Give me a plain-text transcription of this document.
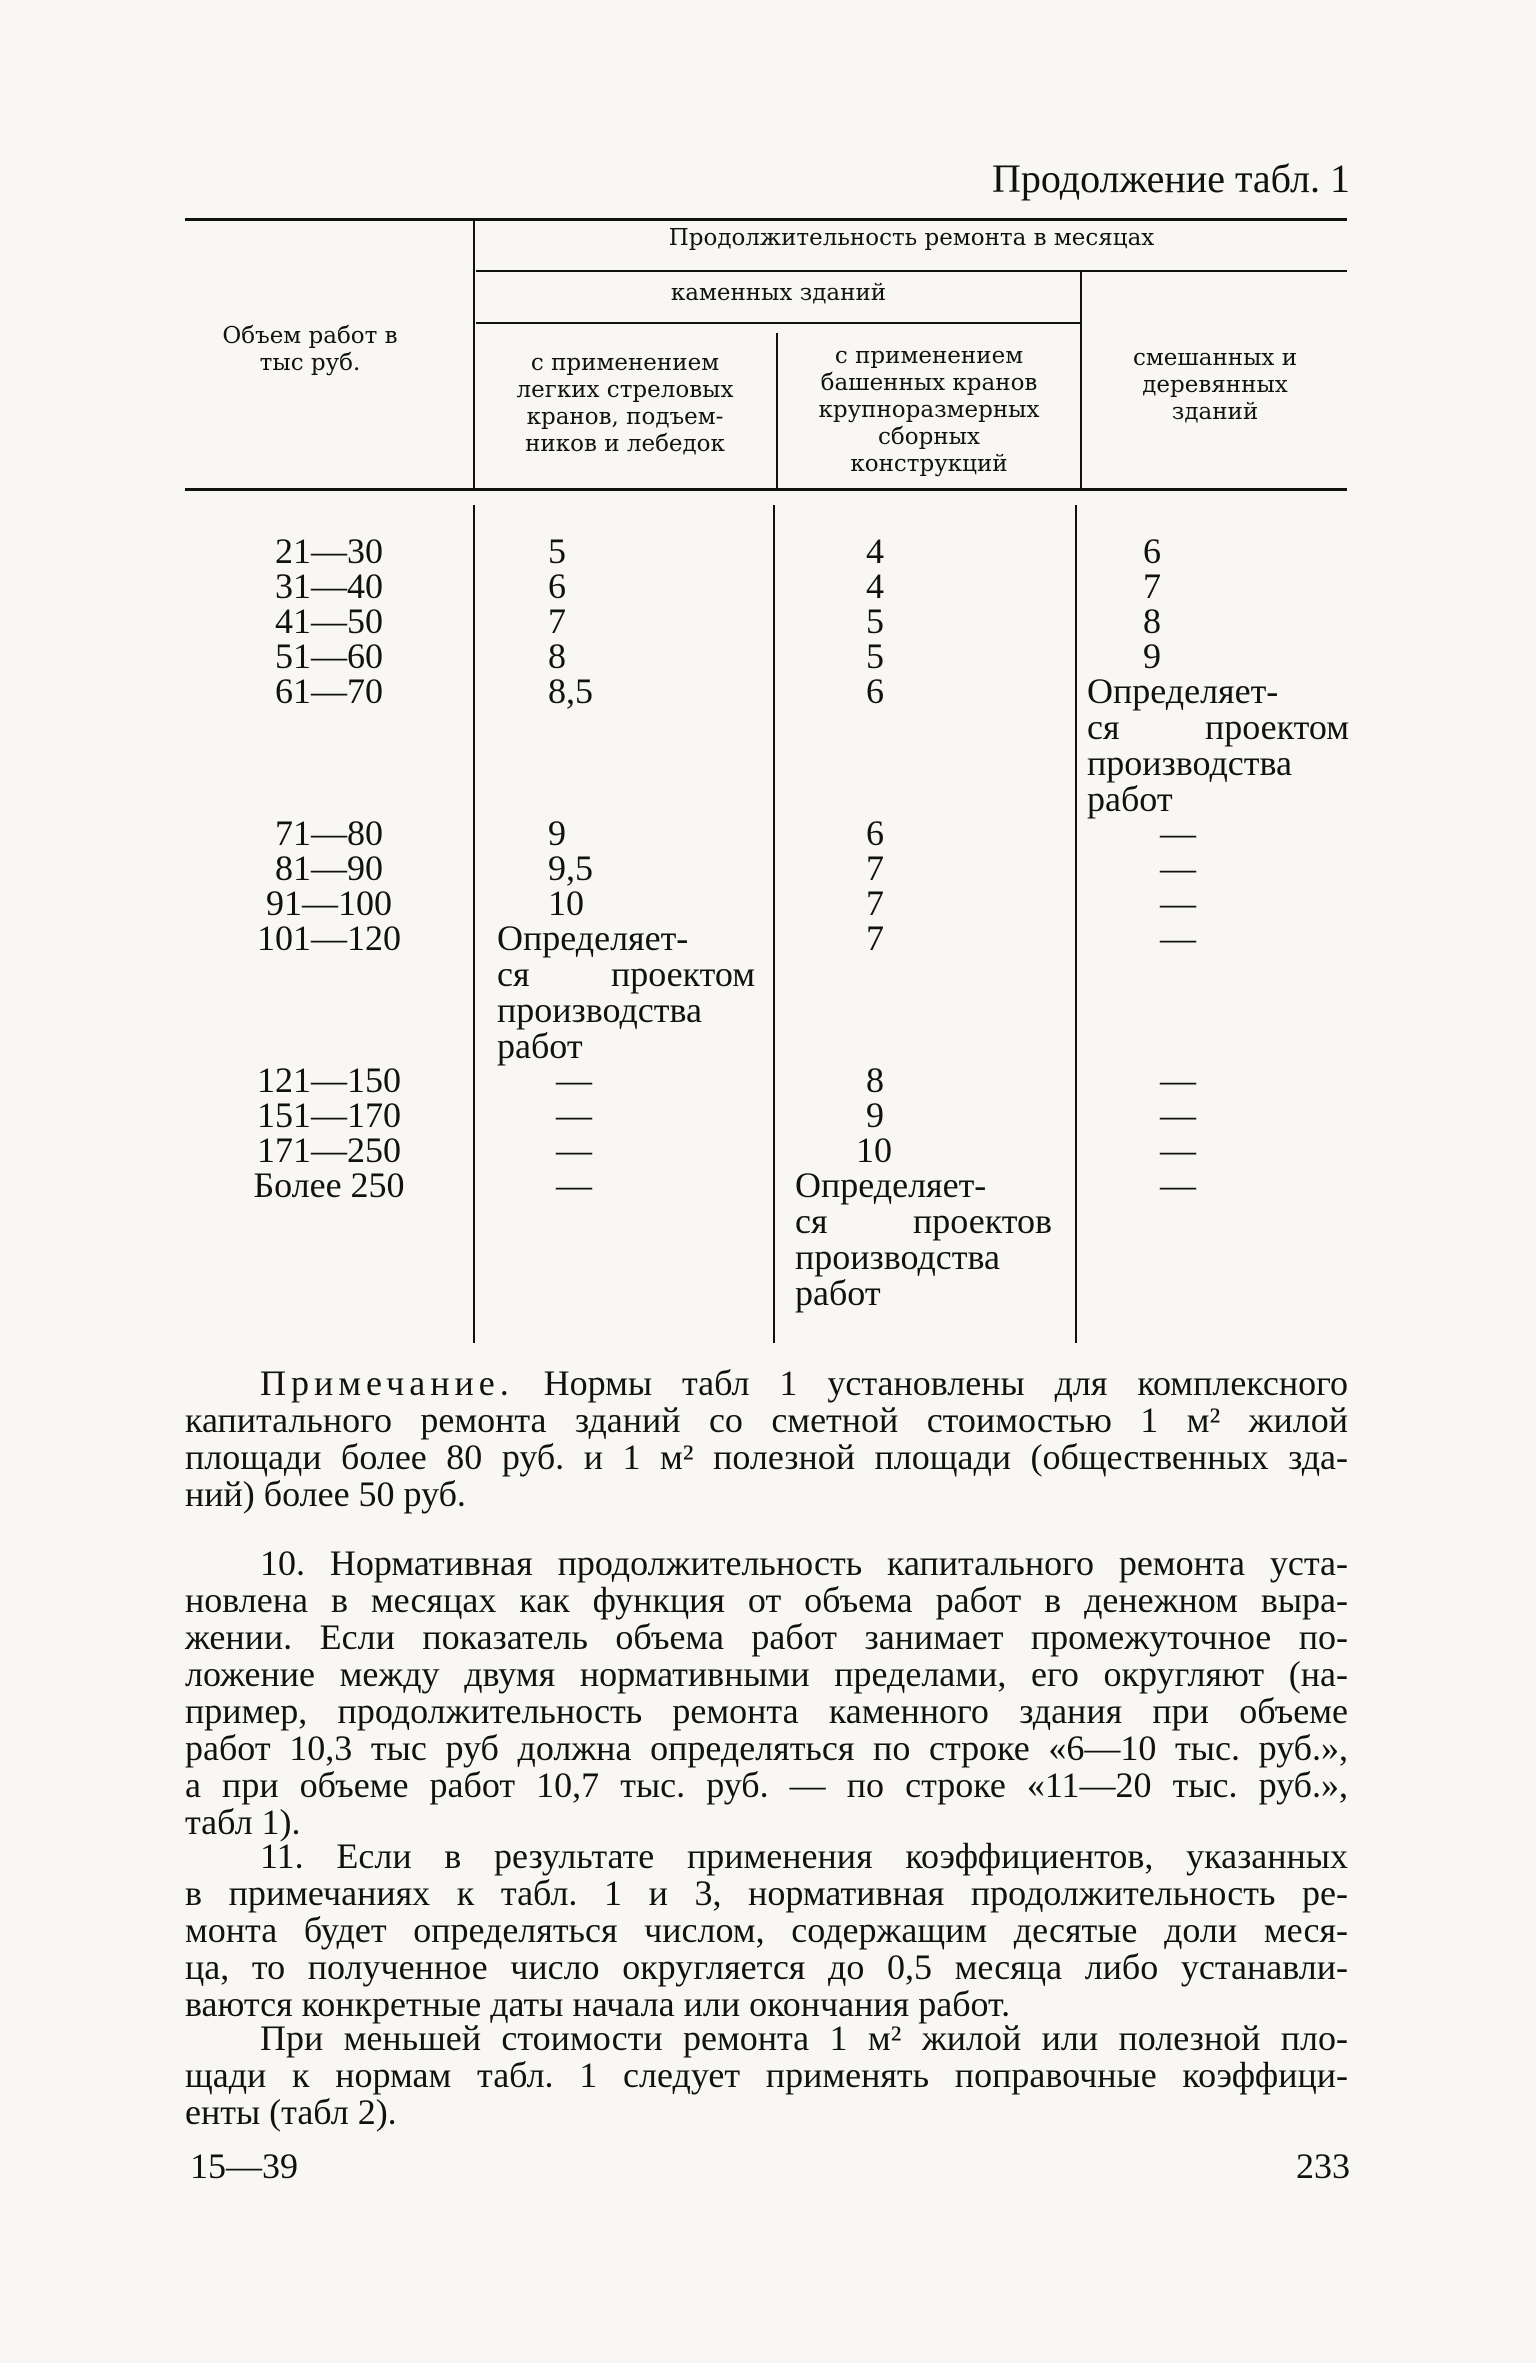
Продолжение табл. 1
Объем работ в тыс руб.
Продолжительность ремонта в месяцах
каменных зданий
с применением
легких стреловых
кранов, подъем-
ников и лебедок
с применением
башенных кранов
крупноразмерных
сборных
конструкций
смешанных и
деревянных
зданий
21—30
31—40
41—50
51—60
61—70
71—80
81—90
91—100
101—120
121—150
151—170
171—250
Более 250
5
6
7
8
8,5
9
9,5
10
Определяет-
ся проектом
производства
работ
—
—
—
—
4
4
5
5
6
6
7
7
7
8
9
10
Определяет-
ся проектов
производства
работ
6
7
8
9
Определяет-
ся проектом
производства
работ
—
—
—
—
—
—
—
—
Примечание. Нормы табл 1 установлены для комплексного
капитального ремонта зданий со сметной стоимостью 1 м² жилой
площади более 80 руб. и 1 м² полезной площади (общественных зда-
ний) более 50 руб.
10. Нормативная продолжительность капитального ремонта уста-
новлена в месяцах как функция от объема работ в денежном выра-
жении. Если показатель объема работ занимает промежуточное по-
ложение между двумя нормативными пределами, его округляют (на-
пример, продолжительность ремонта каменного здания при объеме
работ 10,3 тыс руб должна определяться по строке «6—10 тыс. руб.»,
а при объеме работ 10,7 тыс. руб. — по строке «11—20 тыс. руб.»,
табл 1).
11. Если в результате применения коэффициентов, указанных
в примечаниях к табл. 1 и 3, нормативная продолжительность ре-
монта будет определяться числом, содержащим десятые доли меся-
ца, то полученное число округляется до 0,5 месяца либо устанавли-
ваются конкретные даты начала или окончания работ.
При меньшей стоимости ремонта 1 м² жилой или полезной пло-
щади к нормам табл. 1 следует применять поправочные коэффици-
енты (табл 2).
15—39	233
